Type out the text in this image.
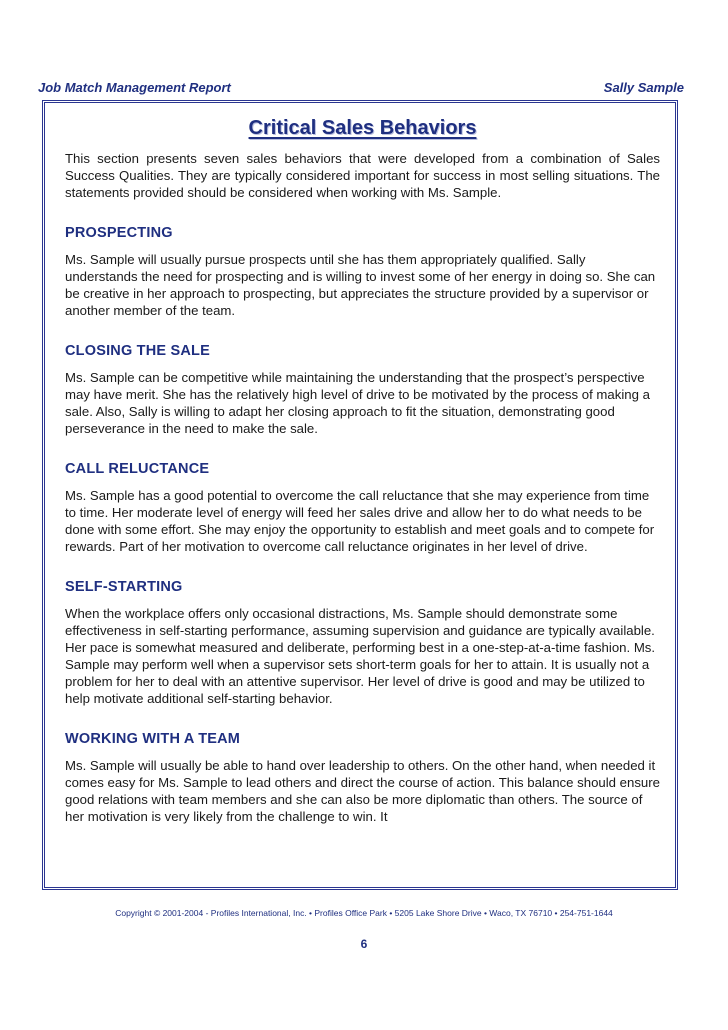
Job Match Management Report	Sally Sample
Critical Sales Behaviors

This section presents seven sales behaviors that were developed from a combination of Sales Success Qualities. They are typically considered important for success in most selling situations. The statements provided should be considered when working with Ms. Sample.

PROSPECTING

Ms. Sample will usually pursue prospects until she has them appropriately qualified. Sally understands the need for prospecting and is willing to invest some of her energy in doing so. She can be creative in her approach to prospecting, but appreciates the structure provided by a supervisor or another member of the team.

CLOSING THE SALE

Ms. Sample can be competitive while maintaining the understanding that the prospect’s perspective may have merit. She has the relatively high level of drive to be motivated by the process of making a sale. Also, Sally is willing to adapt her closing approach to fit the situation, demonstrating good perseverance in the need to make the sale.

CALL RELUCTANCE

Ms. Sample has a good potential to overcome the call reluctance that she may experience from time to time. Her moderate level of energy will feed her sales drive and allow her to do what needs to be done with some effort. She may enjoy the opportunity to establish and meet goals and to compete for rewards. Part of her motivation to overcome call reluctance originates in her level of drive.

SELF-STARTING

When the workplace offers only occasional distractions, Ms. Sample should demonstrate some effectiveness in self-starting performance, assuming supervision and guidance are typically available. Her pace is somewhat measured and deliberate, performing best in a one-step-at-a-time fashion. Ms. Sample may perform well when a supervisor sets short-term goals for her to attain. It is usually not a problem for her to deal with an attentive supervisor. Her level of drive is good and may be utilized to help motivate additional self-starting behavior.

WORKING WITH A TEAM

Ms. Sample will usually be able to hand over leadership to others. On the other hand, when needed it comes easy for Ms. Sample to lead others and direct the course of action. This balance should ensure good relations with team members and she can also be more diplomatic than others. The source of her motivation is very likely from the challenge to win. It

Copyright © 2001-2004 - Profiles International, Inc. • Profiles Office Park • 5205 Lake Shore Drive • Waco, TX 76710 • 254-751-1644
6
